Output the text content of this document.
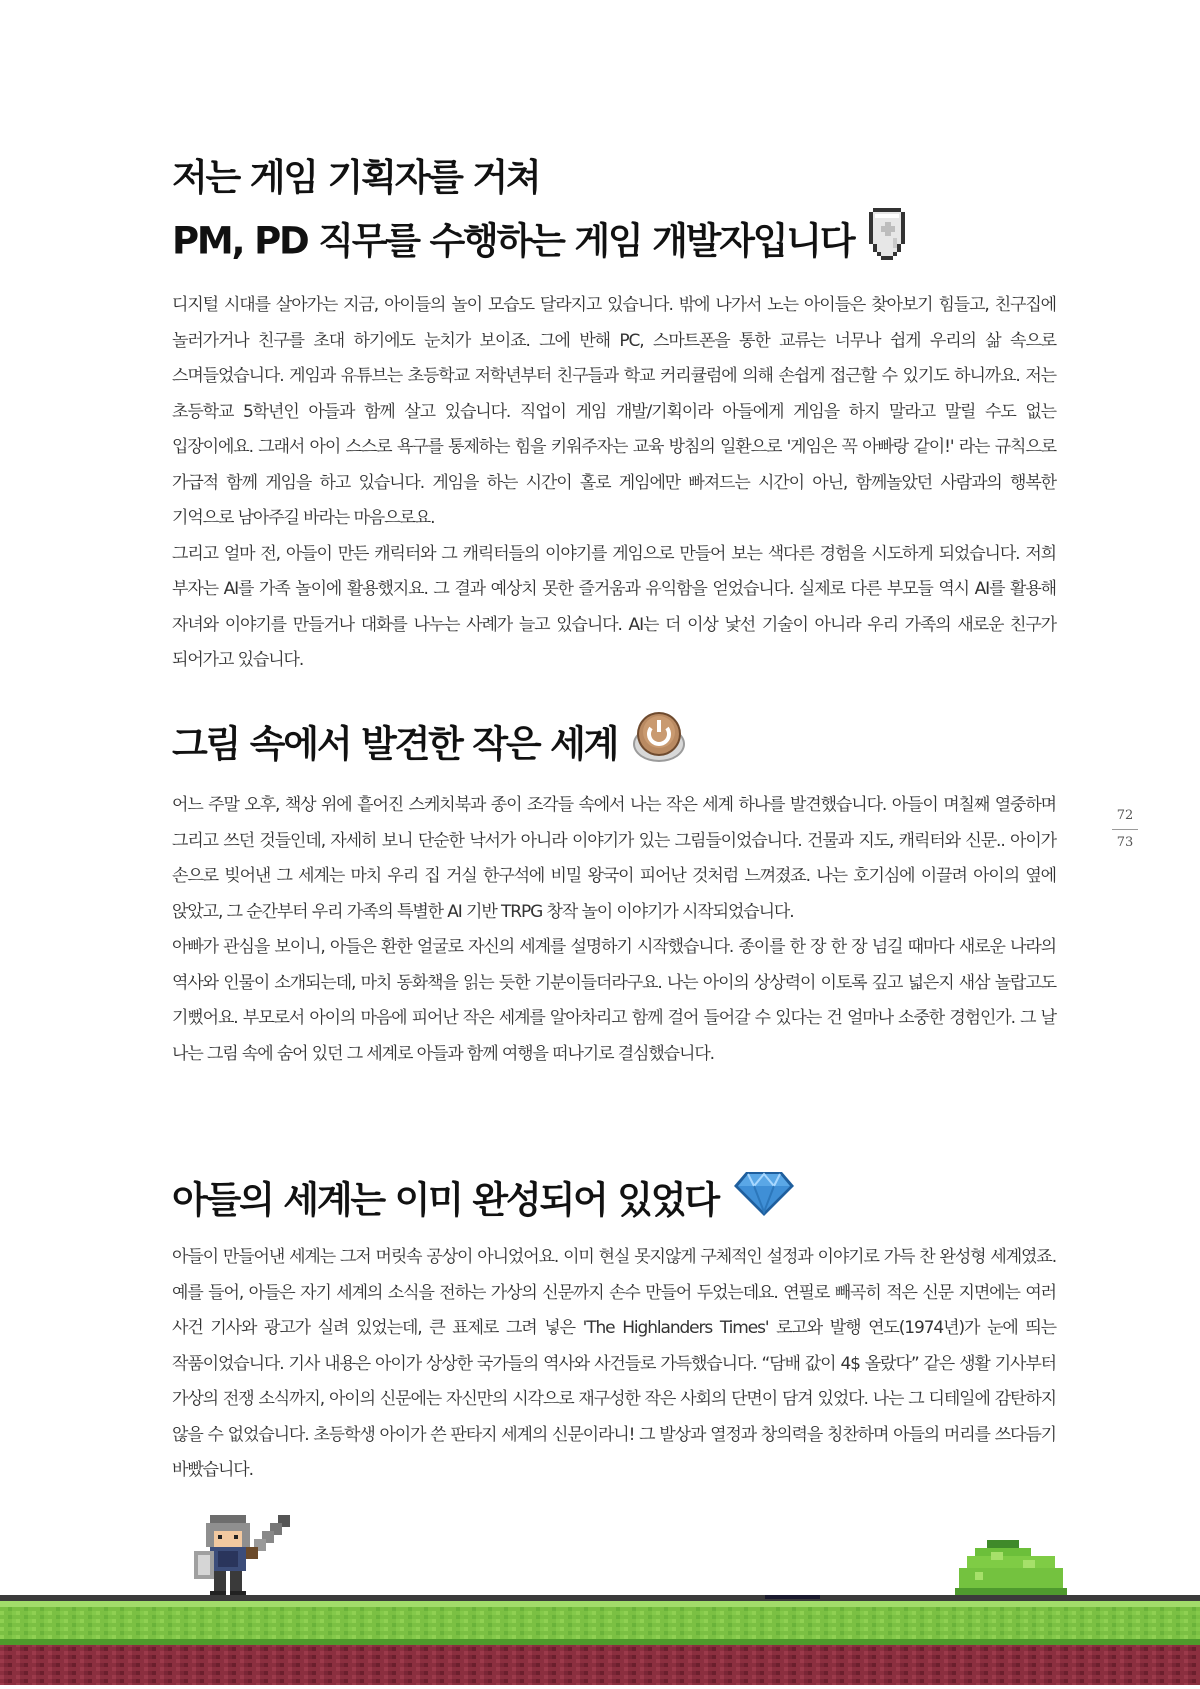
저는 게임 기획자를 거쳐
PM, PD 직무를 수행하는 게임 개발자입니다

디지털 시대를 살아가는 지금, 아이들의 놀이 모습도 달라지고 있습니다. 밖에 나가서 노는 아이들은 찾아보기 힘들고, 친구집에 놀러가거나 친구를 초대 하기에도 눈치가 보이죠. 그에 반해 PC, 스마트폰을 통한 교류는 너무나 쉽게 우리의 삶 속으로 스며들었습니다. 게임과 유튜브는 초등학교 저학년부터 친구들과 학교 커리큘럼에 의해 손쉽게 접근할 수 있기도 하니까요. 저는 초등학교 5학년인 아들과 함께 살고 있습니다. 직업이 게임 개발/기획이라 아들에게 게임을 하지 말라고 말릴 수도 없는 입장이에요. 그래서 아이 스스로 욕구를 통제하는 힘을 키워주자는 교육 방침의 일환으로 '게임은 꼭 아빠랑 같이!' 라는 규칙으로 가급적 함께 게임을 하고 있습니다. 게임을 하는 시간이 홀로 게임에만 빠져드는 시간이 아닌, 함께놀았던 사람과의 행복한 기억으로 남아주길 바라는 마음으로요.

그리고 얼마 전, 아들이 만든 캐릭터와 그 캐릭터들의 이야기를 게임으로 만들어 보는 색다른 경험을 시도하게 되었습니다. 저희 부자는 AI를 가족 놀이에 활용했지요. 그 결과 예상치 못한 즐거움과 유익함을 얻었습니다. 실제로 다른 부모들 역시 AI를 활용해 자녀와 이야기를 만들거나 대화를 나누는 사례가 늘고 있습니다. AI는 더 이상 낯선 기술이 아니라 우리 가족의 새로운 친구가 되어가고 있습니다.

그림 속에서 발견한 작은 세계

어느 주말 오후, 책상 위에 흩어진 스케치북과 종이 조각들 속에서 나는 작은 세계 하나를 발견했습니다. 아들이 며칠째 열중하며 그리고 쓰던 것들인데, 자세히 보니 단순한 낙서가 아니라 이야기가 있는 그림들이었습니다. 건물과 지도, 캐릭터와 신문.. 아이가 손으로 빚어낸 그 세계는 마치 우리 집 거실 한구석에 비밀 왕국이 피어난 것처럼 느껴졌죠. 나는 호기심에 이끌려 아이의 옆에 앉았고, 그 순간부터 우리 가족의 특별한 AI 기반 TRPG 창작 놀이 이야기가 시작되었습니다.

아빠가 관심을 보이니, 아들은 환한 얼굴로 자신의 세계를 설명하기 시작했습니다. 종이를 한 장 한 장 넘길 때마다 새로운 나라의 역사와 인물이 소개되는데, 마치 동화책을 읽는 듯한 기분이들더라구요. 나는 아이의 상상력이 이토록 깊고 넓은지 새삼 놀랍고도 기뻤어요. 부모로서 아이의 마음에 피어난 작은 세계를 알아차리고 함께 걸어 들어갈 수 있다는 건 얼마나 소중한 경험인가. 그 날 나는 그림 속에 숨어 있던 그 세계로 아들과 함께 여행을 떠나기로 결심했습니다.

아들의 세계는 이미 완성되어 있었다

아들이 만들어낸 세계는 그저 머릿속 공상이 아니었어요. 이미 현실 못지않게 구체적인 설정과 이야기로 가득 찬 완성형 세계였죠. 예를 들어, 아들은 자기 세계의 소식을 전하는 가상의 신문까지 손수 만들어 두었는데요. 연필로 빼곡히 적은 신문 지면에는 여러 사건 기사와 광고가 실려 있었는데, 큰 표제로 그려 넣은 'The Highlanders Times' 로고와 발행 연도(1974년)가 눈에 띄는 작품이었습니다. 기사 내용은 아이가 상상한 국가들의 역사와 사건들로 가득했습니다. “담배 값이 4$ 올랐다” 같은 생활 기사부터 가상의 전쟁 소식까지, 아이의 신문에는 자신만의 시각으로 재구성한 작은 사회의 단면이 담겨 있었다. 나는 그 디테일에 감탄하지 않을 수 없었습니다. 초등학생 아이가 쓴 판타지 세계의 신문이라니! 그 발상과 열정과 창의력을 칭찬하며 아들의 머리를 쓰다듬기 바빴습니다.

72
73
